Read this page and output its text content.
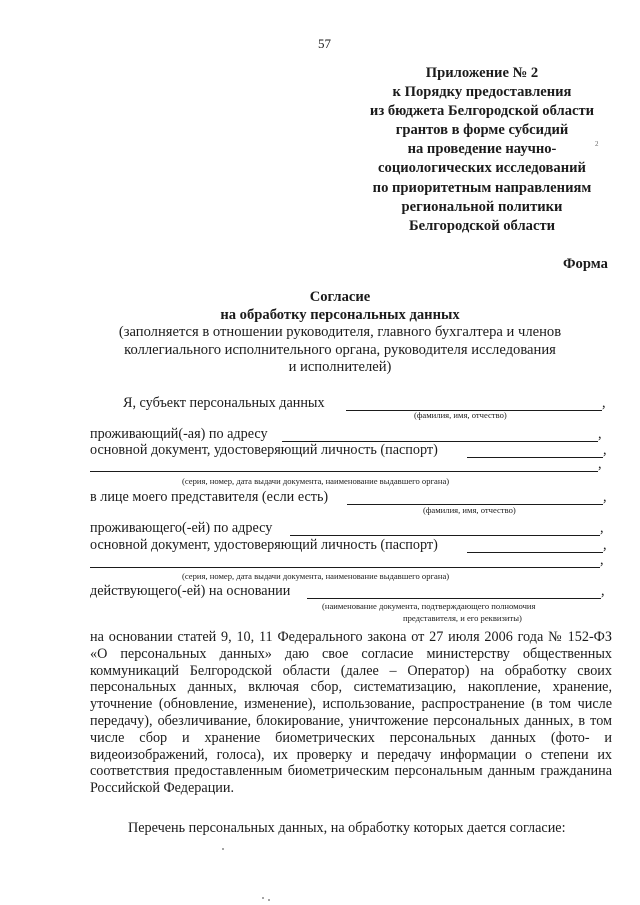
57
Приложение № 2
к Порядку предоставления
из бюджета Белгородской области
грантов в форме субсидий
на проведение научно-
социологических исследований
по приоритетным направлениям
региональной политики
Белгородской области
2
Форма
Согласие
на обработку персональных данных
(заполняется в отношении руководителя, главного бухгалтера и членов
коллегиального исполнительного органа, руководителя исследования
и исполнителей)
Я, субъект персональных данных	,
(фамилия, имя, отчество)
проживающий(-ая) по адресу	,
основной документ, удостоверяющий личность (паспорт)	,
,
(серия, номер, дата выдачи документа, наименование выдавшего органа)
в лице моего представителя (если есть)	,
(фамилия, имя, отчество)
проживающего(-ей) по адресу	,
основной документ, удостоверяющий личность (паспорт)	,
,
(серия, номер, дата выдачи документа, наименование выдавшего органа)
действующего(-ей) на основании	,
(наименование документа, подтверждающего полномочия
представителя, и его реквизиты)

на основании статей 9, 10, 11 Федерального закона от 27 июля 2006 года № 152-ФЗ «О персональных данных» даю свое согласие министерству общественных коммуникаций Белгородской области (далее – Оператор) на обработку своих персональных данных, включая сбор, систематизацию, накопление, хранение, уточнение (обновление, изменение), использование, распространение (в том числе передачу), обезличивание, блокирование, уничтожение персональных данных, в том числе сбор и хранение биометрических персональных данных (фото- и видеоизображений, голоса), их проверку и передачу информации о степени их соответствия предоставленным биометрическим персональным данным гражданина Российской Федерации.

Перечень персональных данных, на обработку которых дается согласие:
